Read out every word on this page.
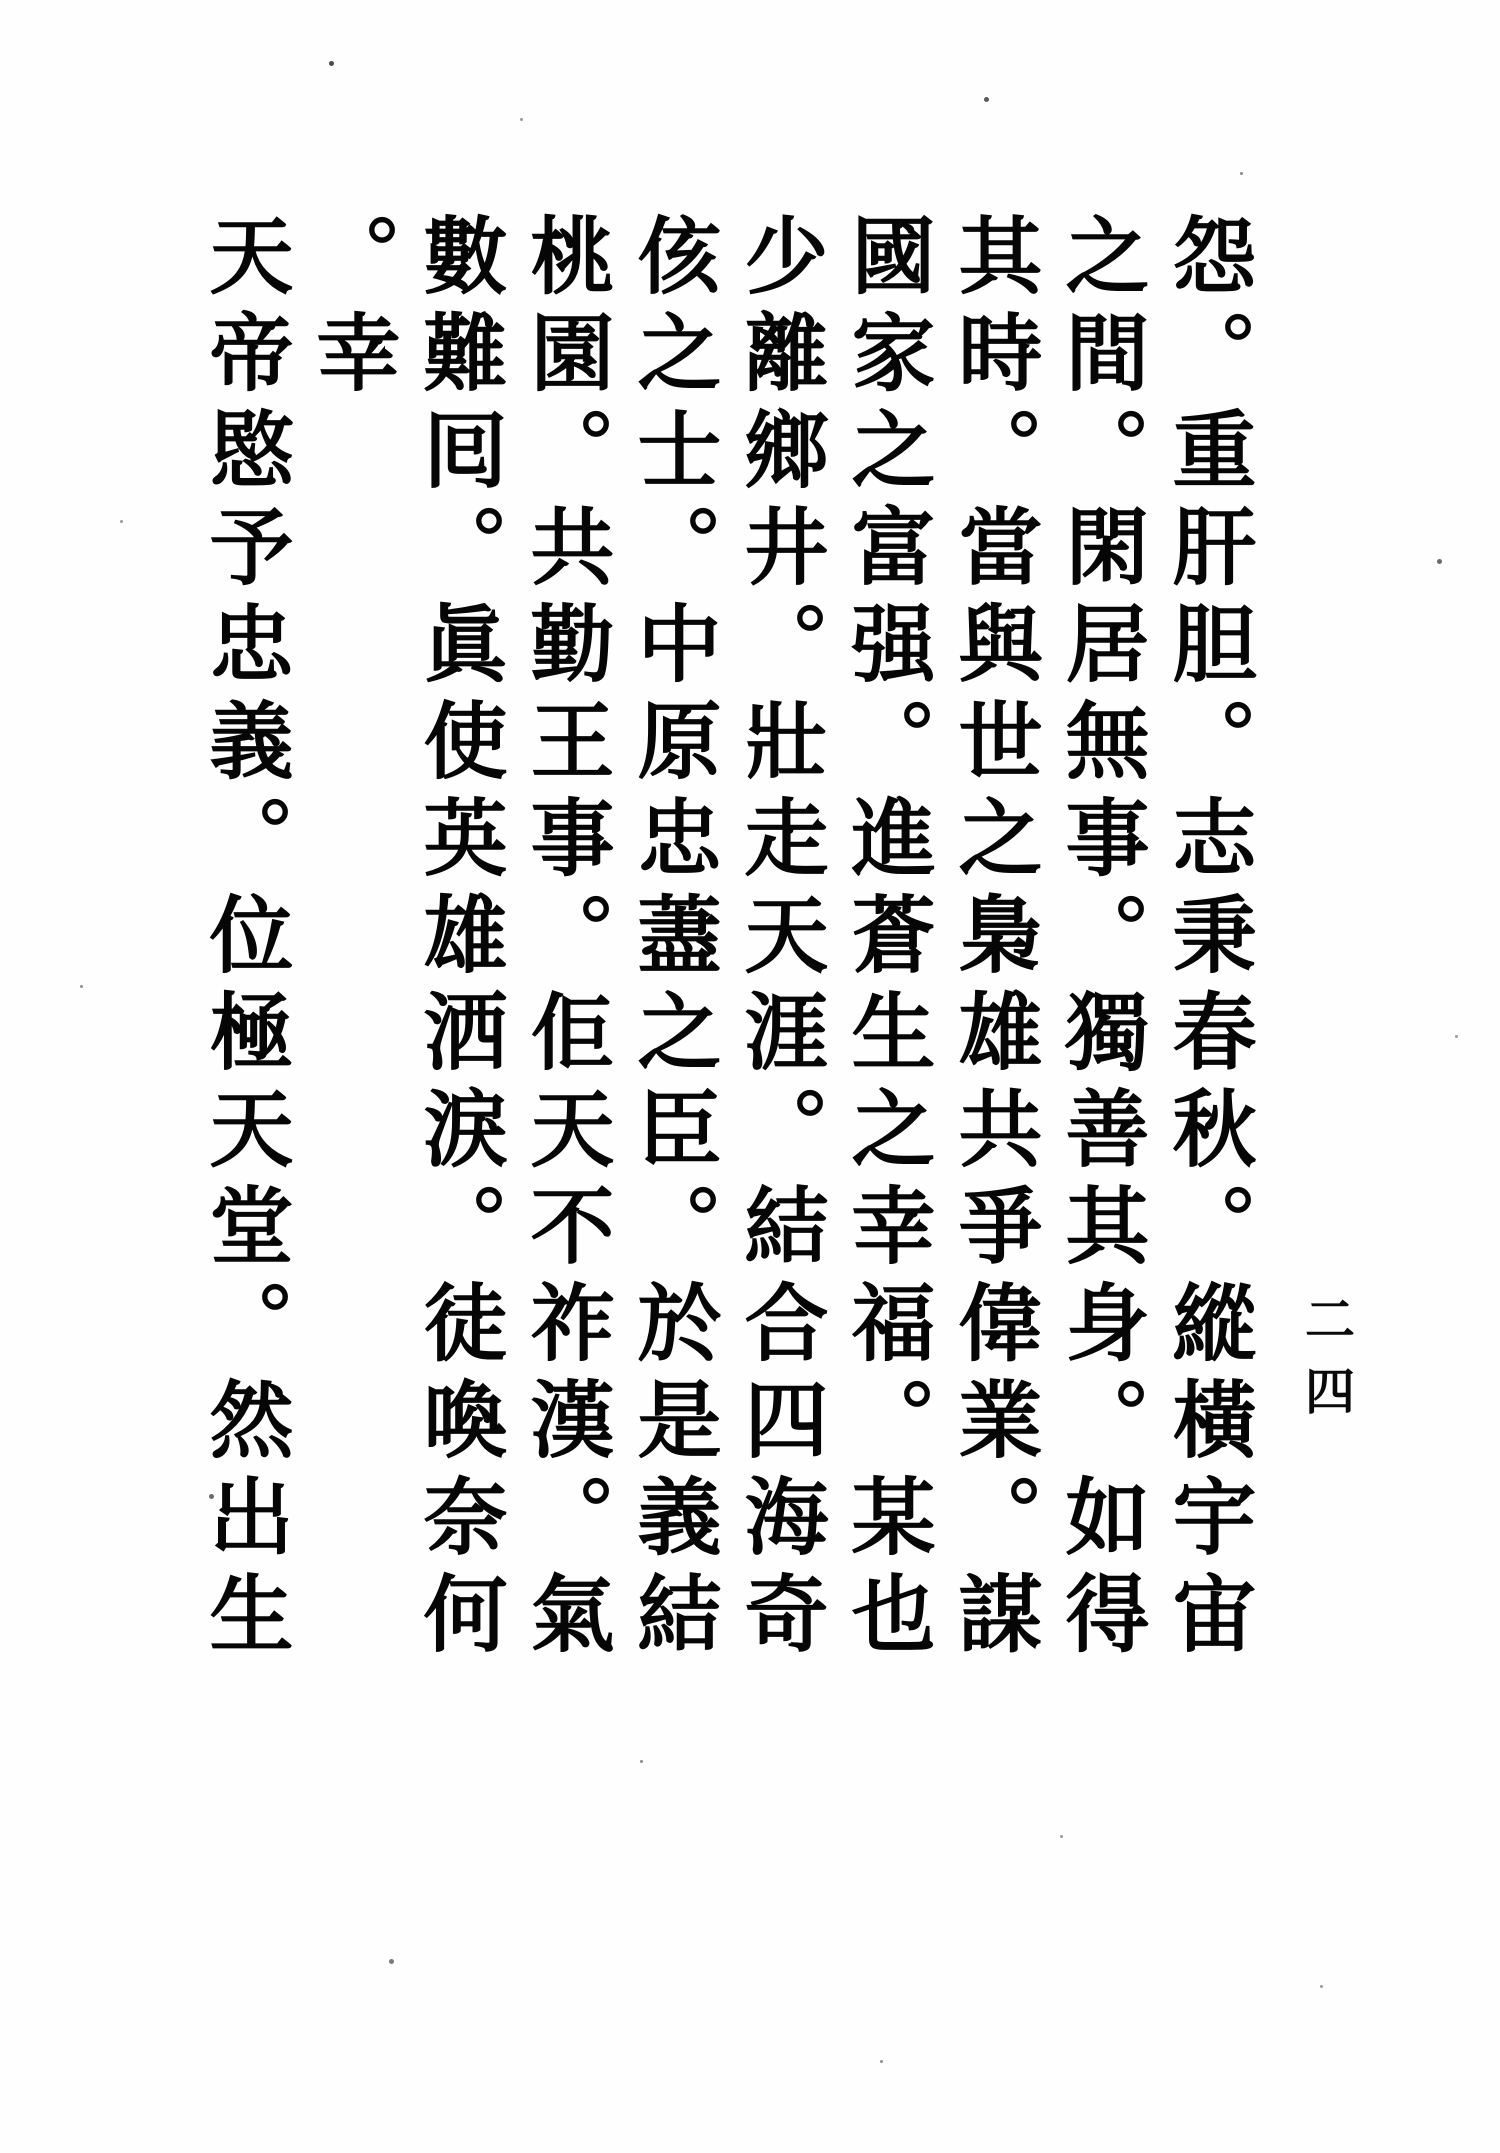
怨。重肝胆。志秉春秋。縱橫宇宙
之間。閑居無事。獨善其身。如得
其時。當與世之梟雄共爭偉業。謀
國家之富强。進蒼生之幸福。某也
少離鄉井。壯走天涯。結合四海奇
侅之士。中原忠藎之臣。於是義結
桃園。共勤王事。佢天不祚漢。氣
數難囘。眞使英雄洒淚。徒喚奈何
。幸
天帝愍予忠義。位極天堂。然出生	二四
